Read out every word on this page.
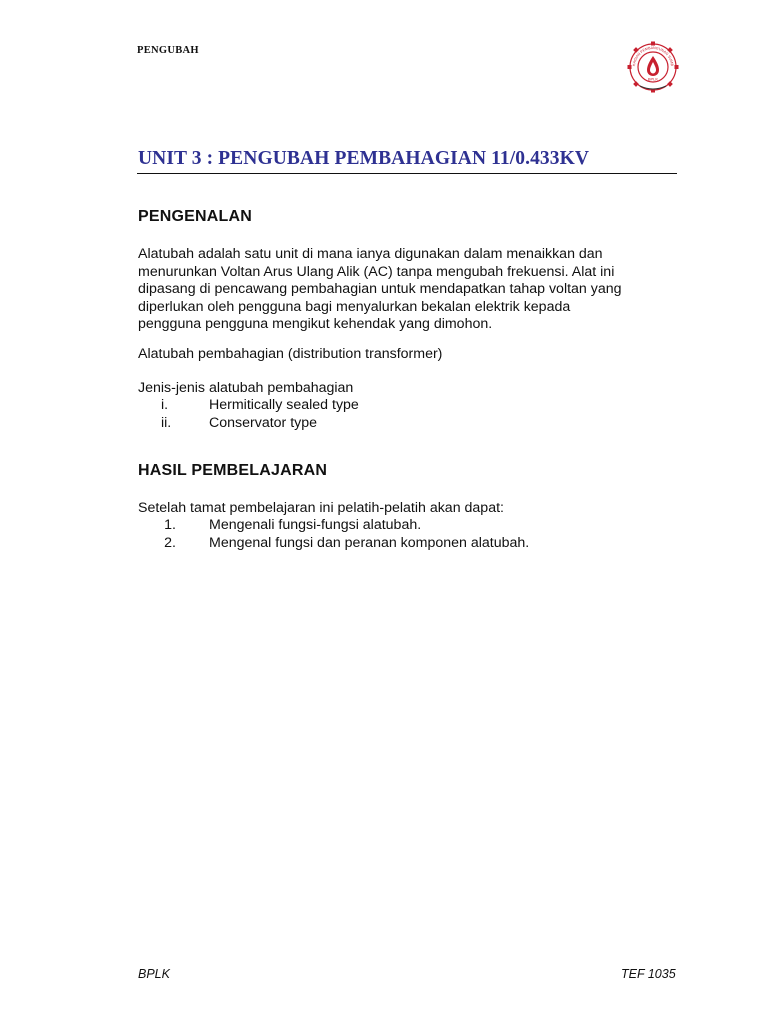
PENGUBAH
BPLK
HAGIAN PEMBANGUNAN SUMB
UNIT 3 : PENGUBAH PEMBAHAGIAN 11/0.433KV
PENGENALAN
Alatubah adalah satu unit di mana ianya digunakan dalam menaikkan dan
menurunkan Voltan Arus Ulang Alik (AC) tanpa mengubah frekuensi. Alat ini
dipasang di pencawang pembahagian untuk mendapatkan tahap voltan yang
diperlukan oleh pengguna bagi menyalurkan bekalan elektrik kepada
pengguna pengguna mengikut kehendak yang dimohon.
Alatubah pembahagian (distribution transformer)
Jenis-jenis alatubah pembahagian
i.	Hermitically sealed type
ii.	Conservator type
HASIL PEMBELAJARAN
Setelah tamat pembelajaran ini pelatih-pelatih akan dapat:
1. Mengenali fungsi-fungsi alatubah.
2. Mengenal fungsi dan peranan komponen alatubah.
BPLK	TEF 1035
